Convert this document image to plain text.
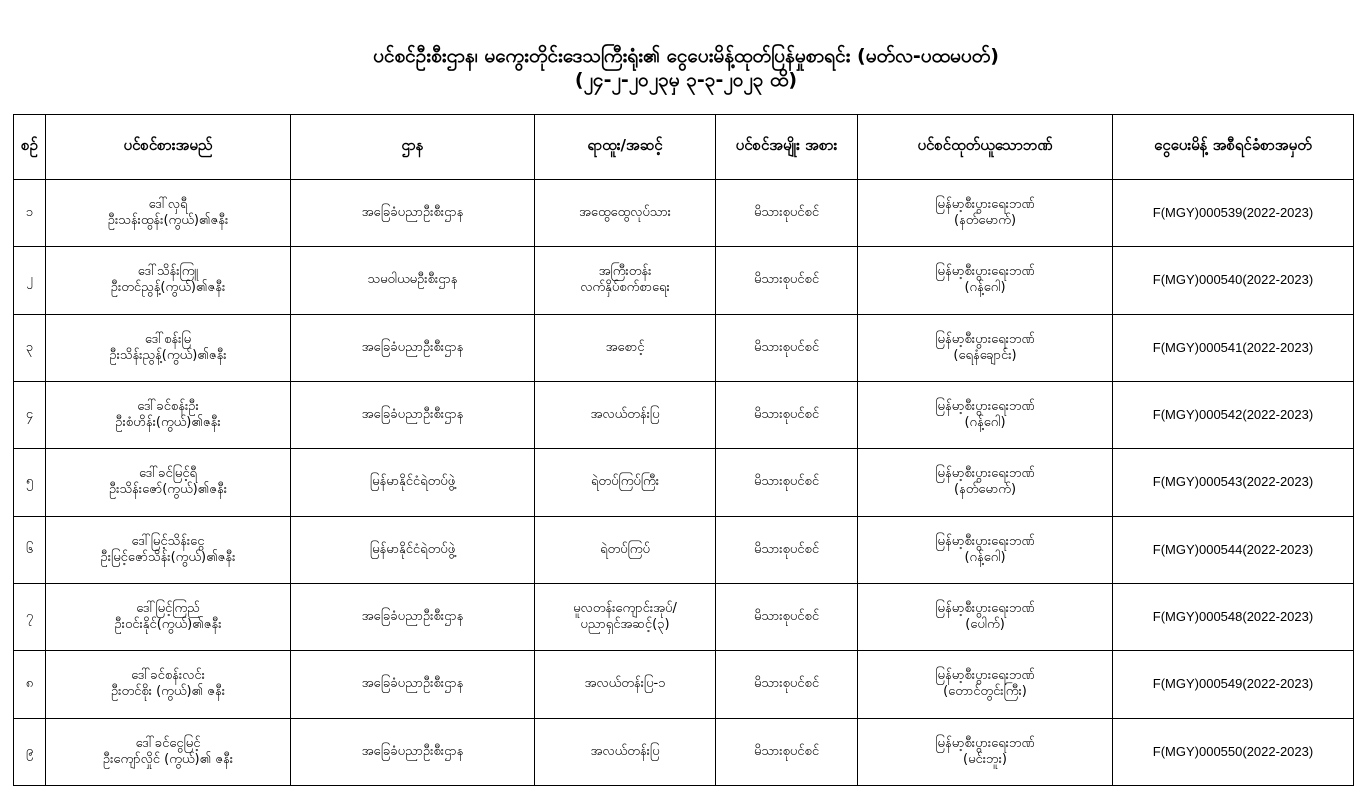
ပင်စင်ဦးစီးဌာန၊ မကွေးတိုင်းဒေသကြီးရုံး၏ ငွေပေးမိန့်ထုတ်ပြန်မှုစာရင်း (မတ်လ-ပထမပတ်)
(၂၄-၂-၂၀၂၃မှ ၃-၃-၂၀၂၃ ထိ)
စဉ်	ပင်စင်စားအမည်	ဌာန	ရာထူး/အဆင့်	ပင်စင်အမျိုး အစား	ပင်စင်ထုတ်ယူသောဘဏ်	ငွေပေးမိန့် အစီရင်ခံစာအမှတ်
၁	ဒေါ်လှရီ
ဦးသန်းထွန်း(ကွယ်)၏ဇနီး	အခြေခံပညာဦးစီးဌာန	အထွေထွေလုပ်သား	မိသားစုပင်စင်	မြန်မာ့စီးပွားရေးဘဏ်
(နတ်မောက်)	F(MGY)000539(2022-2023)
၂	ဒေါ်သိန်းကြူ
ဦးတင်ညွန့်(ကွယ်)၏ဇနီး	သမဝါယမဦးစီးဌာန	အကြီးတန်း
လက်နှိပ်စက်စာရေး	မိသားစုပင်စင်	မြန်မာ့စီးပွားရေးဘဏ်
(ဂန့်ဂေါ)	F(MGY)000540(2022-2023)
၃	ဒေါ်စန်းမြ
ဦးသိန်းညွန့်(ကွယ်)၏ဇနီး	အခြေခံပညာဦးစီးဌာန	အစောင့်	မိသားစုပင်စင်	မြန်မာ့စီးပွားရေးဘဏ်
(ရေနံချောင်း)	F(MGY)000541(2022-2023)
၄	ဒေါ်ခင်စန်းဦး
ဦးစံဟိန်း(ကွယ်)၏ဇနီး	အခြေခံပညာဦးစီးဌာန	အလယ်တန်းပြ	မိသားစုပင်စင်	မြန်မာ့စီးပွားရေးဘဏ်
(ဂန့်ဂေါ)	F(MGY)000542(2022-2023)
၅	ဒေါ်ခင်မြင့်ရီ
ဦးသိန်းဇော်(ကွယ်)၏ဇနီး	မြန်မာနိုင်ငံရဲတပ်ဖွဲ့	ရဲတပ်ကြပ်ကြီး	မိသားစုပင်စင်	မြန်မာ့စီးပွားရေးဘဏ်
(နတ်မောက်)	F(MGY)000543(2022-2023)
၆	ဒေါ်မြင့်သိန်းငွေ
ဦးမြင့်ဇော်သိန်း(ကွယ်)၏ဇနီး	မြန်မာနိုင်ငံရဲတပ်ဖွဲ့	ရဲတပ်ကြပ်	မိသားစုပင်စင်	မြန်မာ့စီးပွားရေးဘဏ်
(ဂန့်ဂေါ)	F(MGY)000544(2022-2023)
၇	ဒေါ်မြင့်ကြည်
ဦးဝင်းနိုင်(ကွယ်)၏ဇနီး	အခြေခံပညာဦးစီးဌာန	မူလတန်းကျောင်းအုပ်/
ပညာရှင်အဆင့်(၃)	မိသားစုပင်စင်	မြန်မာ့စီးပွားရေးဘဏ်
(ပေါက်)	F(MGY)000548(2022-2023)
၈	ဒေါ်ခင်စန်းလင်း
ဦးတင်စိုး (ကွယ်)၏ ဇနီး	အခြေခံပညာဦးစီးဌာန	အလယ်တန်းပြ-၁	မိသားစုပင်စင်	မြန်မာ့စီးပွားရေးဘဏ်
(တောင်တွင်းကြီး)	F(MGY)000549(2022-2023)
၉	ဒေါ်ခင်ငွေမြင့်
ဦးကျော်လှိုင် (ကွယ်)၏ ဇနီး	အခြေခံပညာဦးစီးဌာန	အလယ်တန်းပြ	မိသားစုပင်စင်	မြန်မာ့စီးပွားရေးဘဏ်
(မင်းဘူး)	F(MGY)000550(2022-2023)
